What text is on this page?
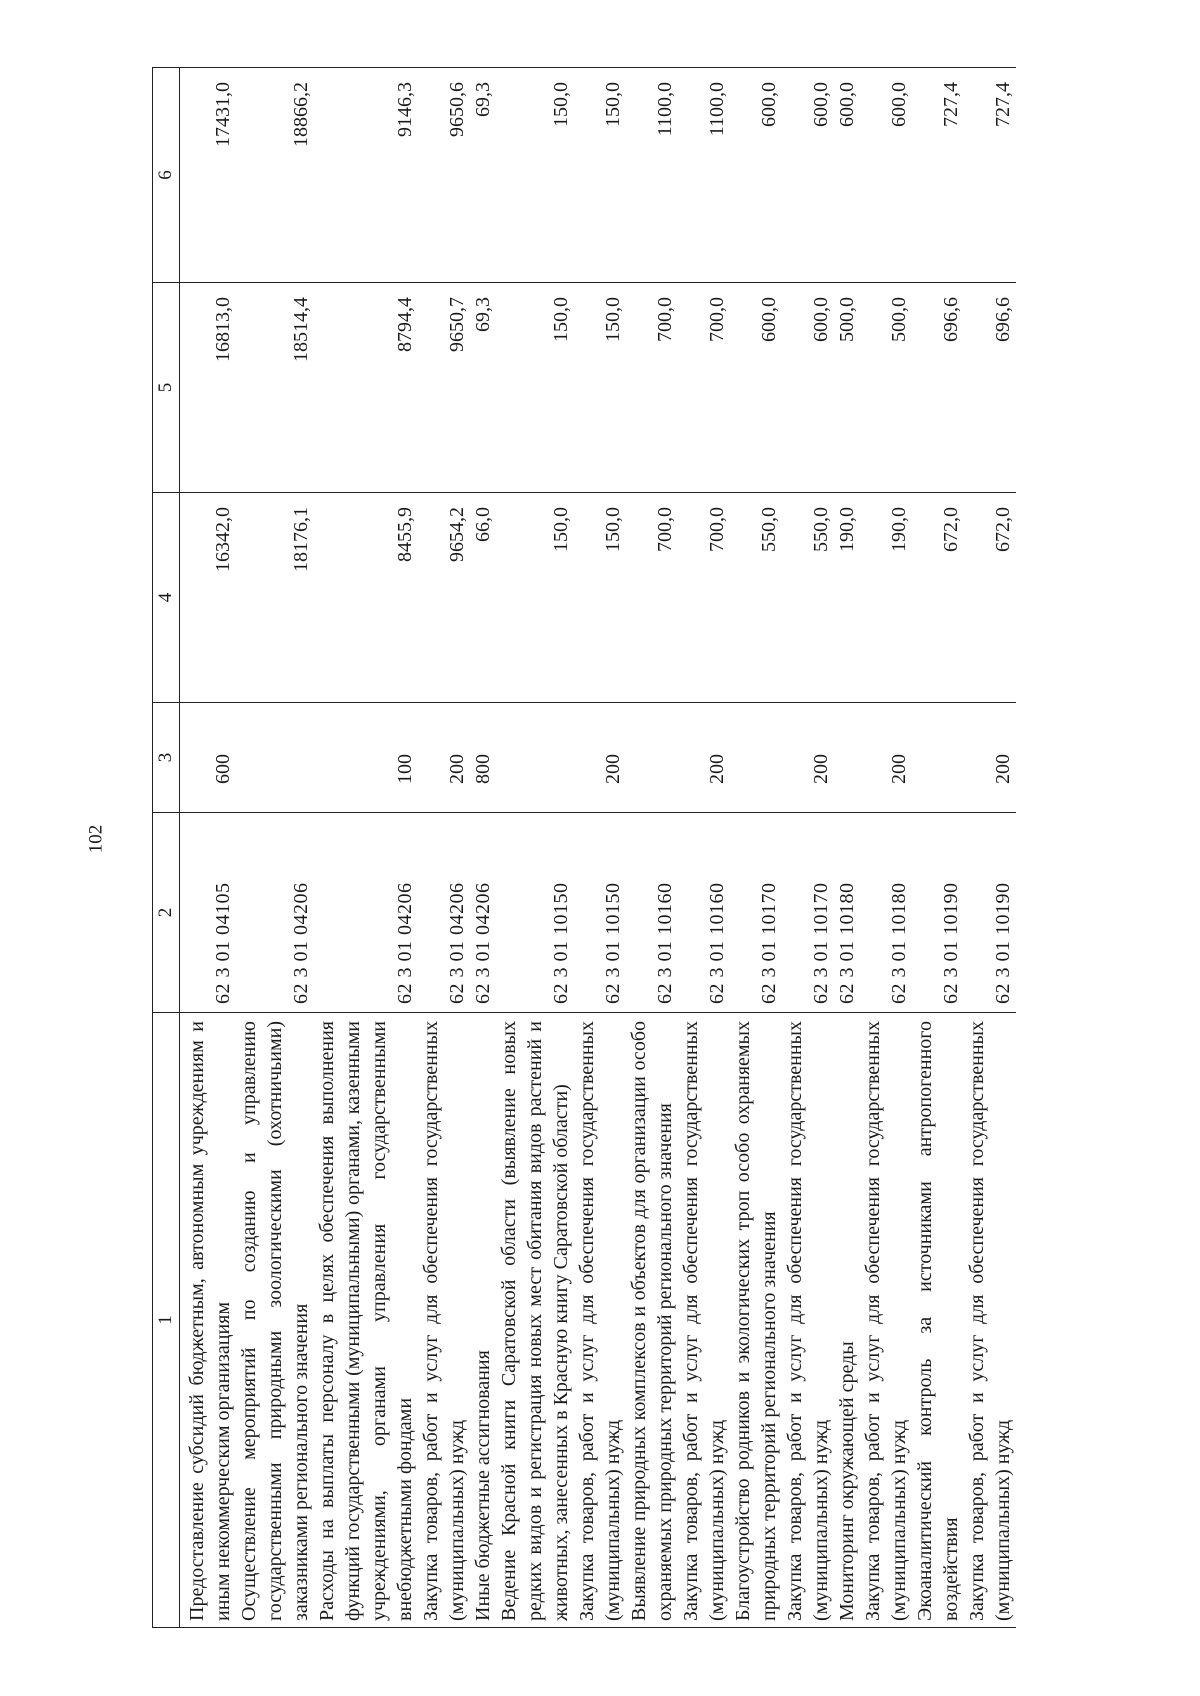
102
1	2	3	4	5	6
Предоставление субсидий бюджетным, автономным учреждениям и иным некоммерческим организациям	62 3 01 04105	600	16342,0	16813,0	17431,0
Осуществление мероприятий по созданию и управлению государственными природными зоологическими (охотничьими) заказниками регионального значения	62 3 01 04206		18176,1	18514,4	18866,2
Расходы на выплаты персоналу в целях обеспечения выполнения функций государственными (муниципальными) органами, казенными учреждениями, органами управления государственными внебюджетными фондами	62 3 01 04206	100	8455,9	8794,4	9146,3
Закупка товаров, работ и услуг для обеспечения государственных (муниципальных) нужд	62 3 01 04206	200	9654,2	9650,7	9650,6
Иные бюджетные ассигнования	62 3 01 04206	800	66,0	69,3	69,3
Ведение Красной книги Саратовской области (выявление новых редких видов и регистрация новых мест обитания видов растений и животных, занесенных в Красную книгу Саратовской области)	62 3 01 10150		150,0	150,0	150,0
Закупка товаров, работ и услуг для обеспечения государственных (муниципальных) нужд	62 3 01 10150	200	150,0	150,0	150,0
Выявление природных комплексов и объектов для организации особо охраняемых природных территорий регионального значения	62 3 01 10160		700,0	700,0	1100,0
Закупка товаров, работ и услуг для обеспечения государственных (муниципальных) нужд	62 3 01 10160	200	700,0	700,0	1100,0
Благоустройство родников и экологических троп особо охраняемых природных территорий регионального значения	62 3 01 10170		550,0	600,0	600,0
Закупка товаров, работ и услуг для обеспечения государственных (муниципальных) нужд	62 3 01 10170	200	550,0	600,0	600,0
Мониторинг окружающей среды	62 3 01 10180		190,0	500,0	600,0
Закупка товаров, работ и услуг для обеспечения государственных (муниципальных) нужд	62 3 01 10180	200	190,0	500,0	600,0
Экоаналитический контроль за источниками антропогенного воздействия	62 3 01 10190		672,0	696,6	727,4
Закупка товаров, работ и услуг для обеспечения государственных (муниципальных) нужд	62 3 01 10190	200	672,0	696,6	727,4
